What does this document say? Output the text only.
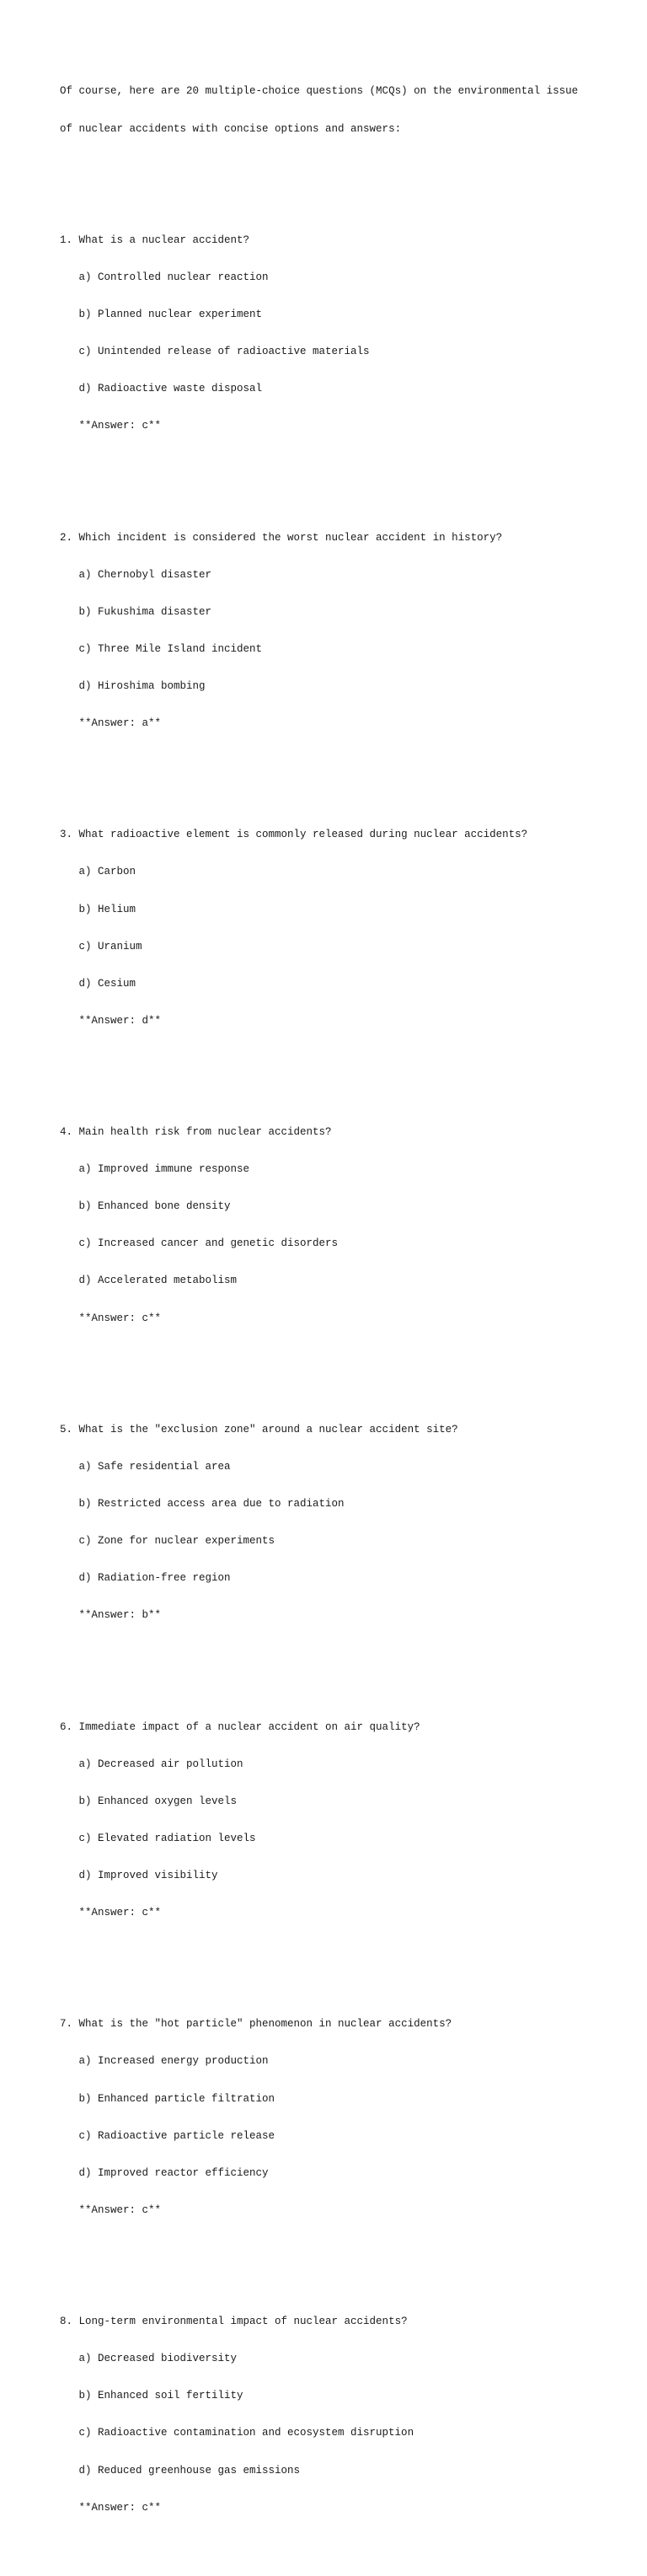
Of course, here are 20 multiple-choice questions (MCQs) on the environmental issue

of nuclear accidents with concise options and answers:

1. What is a nuclear accident?

a) Controlled nuclear reaction

b) Planned nuclear experiment

c) Unintended release of radioactive materials

d) Radioactive waste disposal

**Answer: c**

2. Which incident is considered the worst nuclear accident in history?

a) Chernobyl disaster

b) Fukushima disaster

c) Three Mile Island incident

d) Hiroshima bombing

**Answer: a**

3. What radioactive element is commonly released during nuclear accidents?

a) Carbon

b) Helium

c) Uranium

d) Cesium

**Answer: d**

4. Main health risk from nuclear accidents?

a) Improved immune response

b) Enhanced bone density

c) Increased cancer and genetic disorders

d) Accelerated metabolism

**Answer: c**

5. What is the "exclusion zone" around a nuclear accident site?

a) Safe residential area

b) Restricted access area due to radiation

c) Zone for nuclear experiments

d) Radiation-free region

**Answer: b**

6. Immediate impact of a nuclear accident on air quality?

a) Decreased air pollution

b) Enhanced oxygen levels

c) Elevated radiation levels

d) Improved visibility

**Answer: c**

7. What is the "hot particle" phenomenon in nuclear accidents?

a) Increased energy production

b) Enhanced particle filtration

c) Radioactive particle release

d) Improved reactor efficiency

**Answer: c**

8. Long-term environmental impact of nuclear accidents?

a) Decreased biodiversity

b) Enhanced soil fertility

c) Radioactive contamination and ecosystem disruption

d) Reduced greenhouse gas emissions

**Answer: c**
